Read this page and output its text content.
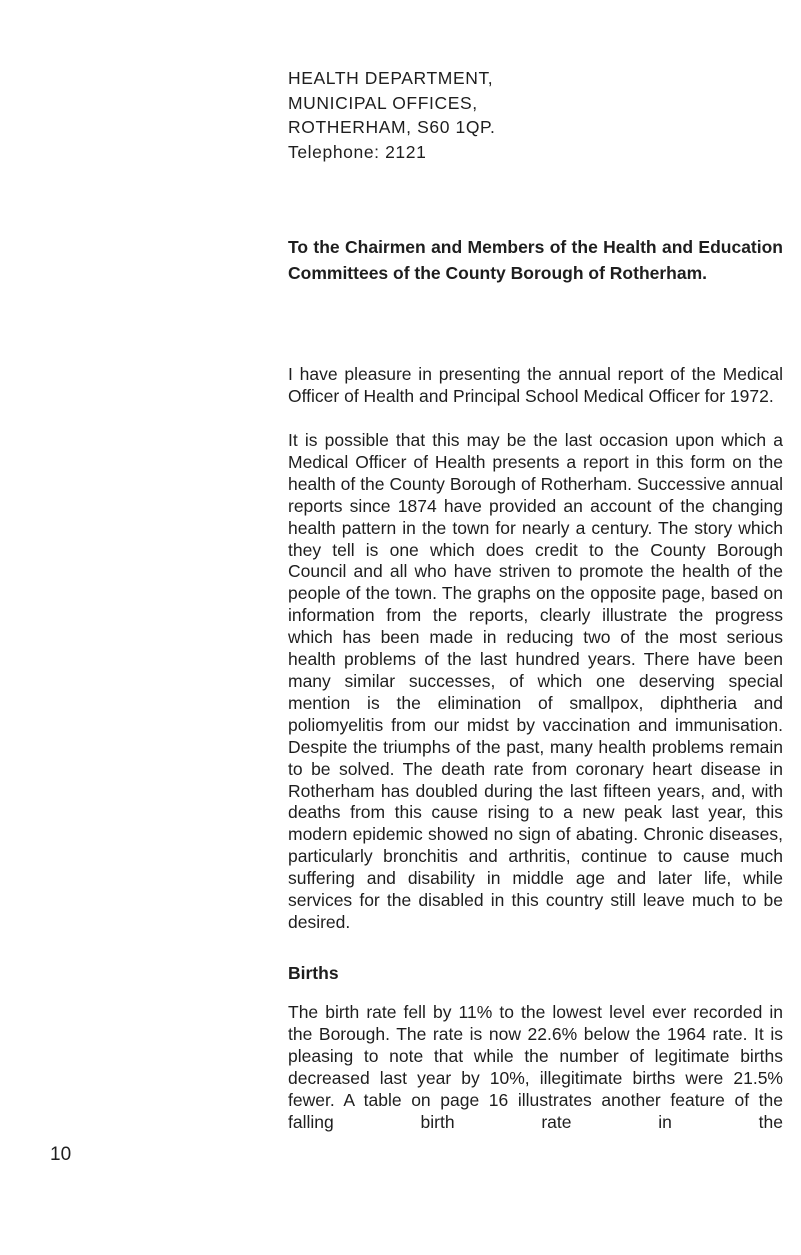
HEALTH DEPARTMENT,
MUNICIPAL OFFICES,
ROTHERHAM, S60 1QP.
Telephone: 2121
To the Chairmen and Members of the Health and Education Committees of the County Borough of Rotherham.

I have pleasure in presenting the annual report of the Medical Officer of Health and Principal School Medical Officer for 1972.

It is possible that this may be the last occasion upon which a Medical Officer of Health presents a report in this form on the health of the County Borough of Rotherham. Successive annual reports since 1874 have provided an account of the changing health pattern in the town for nearly a century. The story which they tell is one which does credit to the County Borough Council and all who have striven to promote the health of the people of the town. The graphs on the opposite page, based on information from the reports, clearly illustrate the progress which has been made in reducing two of the most serious health problems of the last hundred years. There have been many similar successes, of which one deserving special mention is the elimination of smallpox, diphtheria and poliomyelitis from our midst by vaccination and immunisation. Despite the triumphs of the past, many health problems remain to be solved. The death rate from coronary heart disease in Rotherham has doubled during the last fifteen years, and, with deaths from this cause rising to a new peak last year, this modern epidemic showed no sign of abating. Chronic diseases, particularly bronchitis and arthritis, continue to cause much suffering and disability in middle age and later life, while services for the disabled in this country still leave much to be desired.

Births

The birth rate fell by 11% to the lowest level ever recorded in the Borough. The rate is now 22.6% below the 1964 rate. It is pleasing to note that while the number of legitimate births decreased last year by 10%, illegitimate births were 21.5% fewer. A table on page 16 illustrates another feature of the falling birth rate in the

10
